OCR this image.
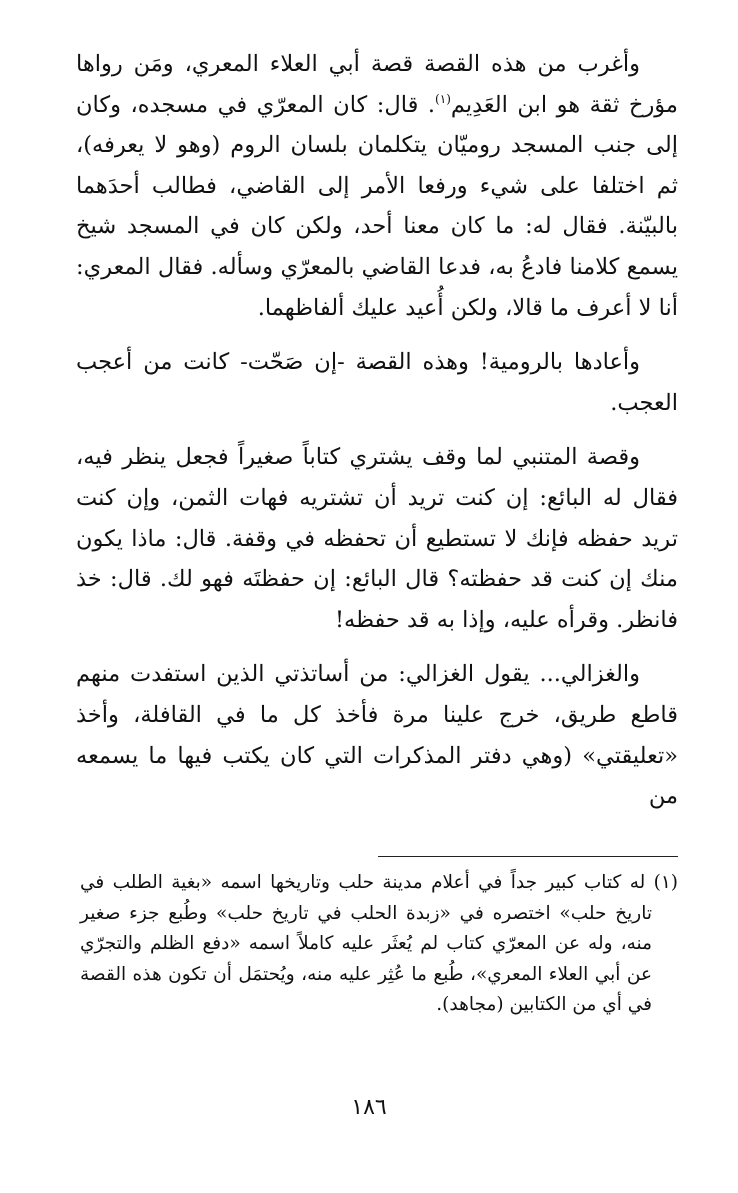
وأغرب من هذه القصة قصة أبي العلاء المعري، ومَن رواها مؤرخ ثقة هو ابن العَدِيم$^{(١)}$. قال: كان المعرّي في مسجده، وكان إلى جنب المسجد روميّان يتكلمان بلسان الروم (وهو لا يعرفه)، ثم اختلفا على شيء ورفعا الأمر إلى القاضي، فطالب أحدَهما بالبيّنة. فقال له: ما كان معنا أحد، ولكن كان في المسجد شيخ يسمع كلامنا فادعُ به، فدعا القاضي بالمعرّي وسأله. فقال المعري: أنا لا أعرف ما قالا، ولكن أُعيد عليك ألفاظهما.

وأعادها بالرومية! وهذه القصة -إن صَحّت- كانت من أعجب العجب.

وقصة المتنبي لما وقف يشتري كتاباً صغيراً فجعل ينظر فيه، فقال له البائع: إن كنت تريد أن تشتريه فهات الثمن، وإن كنت تريد حفظه فإنك لا تستطيع أن تحفظه في وقفة. قال: ماذا يكون منك إن كنت قد حفظته؟ قال البائع: إن حفظتَه فهو لك. قال: خذ فانظر. وقرأه عليه، وإذا به قد حفظه!

والغزالي... يقول الغزالي: من أساتذتي الذين استفدت منهم قاطع طريق، خرج علينا مرة فأخذ كل ما في القافلة، وأخذ «تعليقتي» (وهي دفتر المذكرات التي كان يكتب فيها ما يسمعه من

(١) له كتاب كبير جداً في أعلام مدينة حلب وتاريخها اسمه «بغية الطلب في تاريخ حلب» اختصره في «زبدة الحلب في تاريخ حلب» وطُبع جزء صغير منه، وله عن المعرّي كتاب لم يُعثَر عليه كاملاً اسمه «دفع الظلم والتجرّي عن أبي العلاء المعري»، طُبع ما عُثِر عليه منه، ويُحتمَل أن تكون هذه القصة في أي من الكتابين (مجاهد).

١٨٦
